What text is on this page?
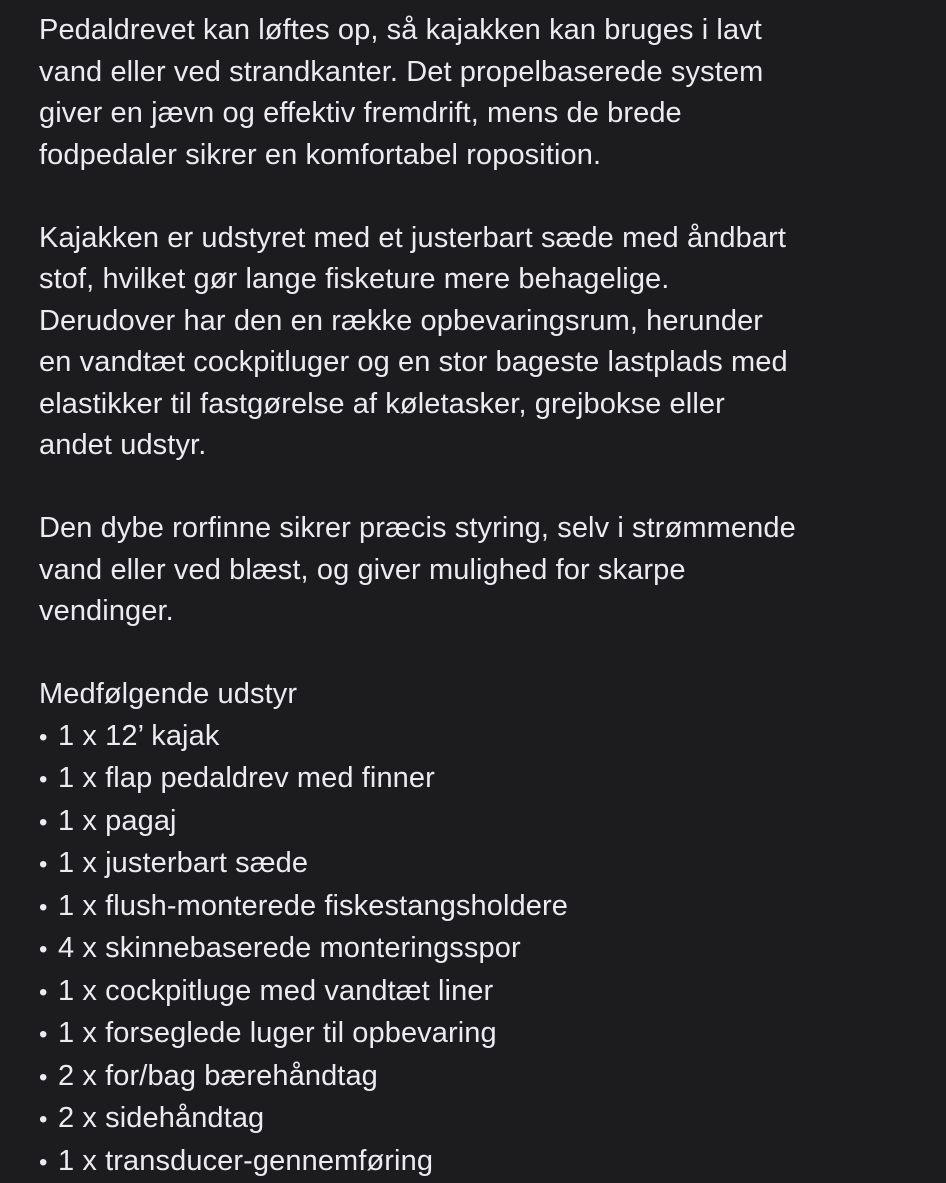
Pedaldrevet kan løftes op, så kajakken kan bruges i lavt
vand eller ved strandkanter. Det propelbaserede system
giver en jævn og effektiv fremdrift, mens de brede
fodpedaler sikrer en komfortabel roposition.

Kajakken er udstyret med et justerbart sæde med åndbart
stof, hvilket gør lange fisketure mere behagelige.
Derudover har den en række opbevaringsrum, herunder
en vandtæt cockpitluger og en stor bageste lastplads med
elastikker til fastgørelse af køletasker, grejbokse eller
andet udstyr.

Den dybe rorfinne sikrer præcis styring, selv i strømmende
vand eller ved blæst, og giver mulighed for skarpe
vendinger.

Medfølgende udstyr

• 1 x 12’ kajak
• 1 x flap pedaldrev med finner
• 1 x pagaj
• 1 x justerbart sæde
• 1 x flush-monterede fiskestangsholdere
• 4 x skinnebaserede monteringsspor
• 1 x cockpitluge med vandtæt liner
• 1 x forseglede luger til opbevaring
• 2 x for/bag bærehåndtag
• 2 x sidehåndtag
• 1 x transducer-gennemføring
